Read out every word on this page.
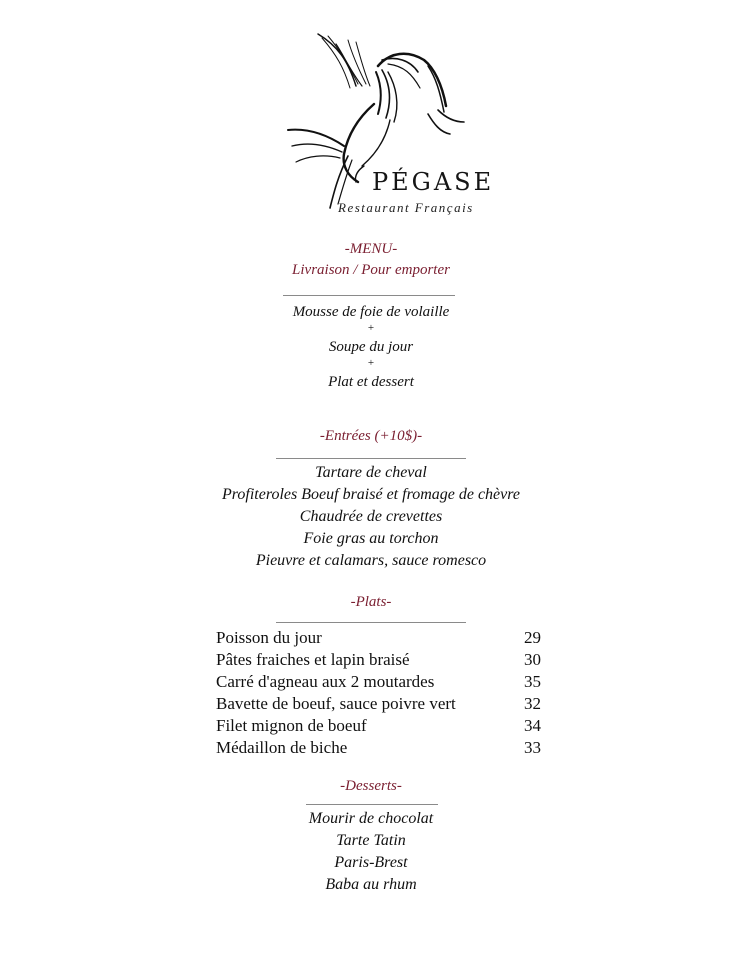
PÉGASE
Restaurant Français
-MENU-
Livraison / Pour emporter
Mousse de foie de volaille
+
Soupe du jour
+
Plat et dessert
-Entrées (+10$)-
Tartare de cheval
Profiteroles Boeuf braisé et fromage de chèvre
Chaudrée de crevettes
Foie gras au torchon
Pieuvre et calamars, sauce romesco
-Plats-
Poisson du jour	29
Pâtes fraiches et lapin braisé	30
Carré d'agneau aux 2 moutardes	35
Bavette de boeuf, sauce poivre vert	32
Filet mignon de boeuf	34
Médaillon de biche	33
-Desserts-
Mourir de chocolat
Tarte Tatin
Paris-Brest
Baba au rhum
